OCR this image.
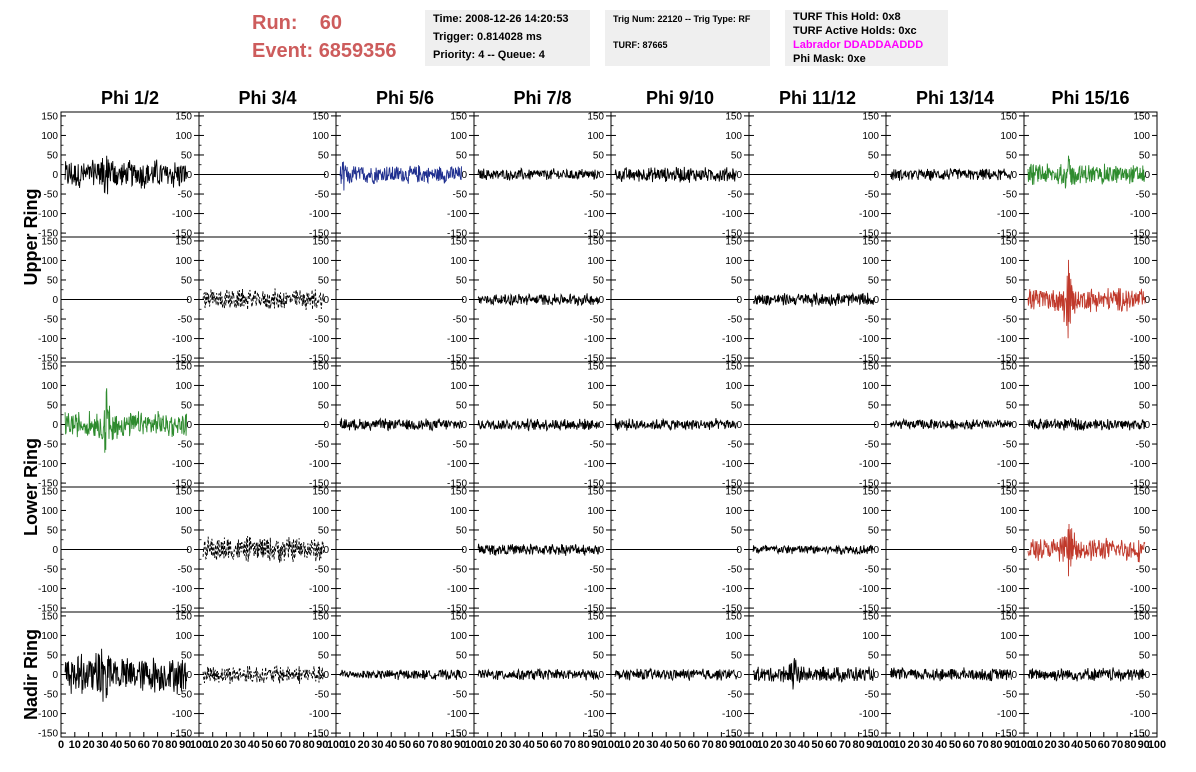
Run: 60
Event: 6859356
Time: 2008-12-26 14:20:53
Trigger: 0.814028 ms
Priority: 4 -- Queue: 4
Trig Num: 22120 -- Trig Type: RF
TURF: 87665
TURF This Hold: 0x8
TURF Active Holds: 0xc
Labrador DDADDAADDD
Phi Mask: 0xe
Phi 1/2	Phi 3/4	Phi 5/6	Phi 7/8	Phi 9/10	Phi 11/12	Phi 13/14	Phi 15/16
Upper Ring
Lower Ring
Nadir Ring
-150
-150
-100
-100
-50
-50
0
0
50
50
100
100
150
150
-150
-100
-50
0
50
100
150
-150
-100
-50
0
50
100
150
-150
-100
-50
0
50
100
150
-150
-100
-50
0
50
100
150
-150
-100
-50
0
50
100
150
-150
-100
-50
0
50
100
150
-150
-100
-50
0
50
100
150
-150
-150
-100
-100
-50
-50
0
0
50
50
100
100
150
150
-150
-100
-50
0
50
100
150
-150
-100
-50
0
50
100
150
-150
-100
-50
0
50
100
150
-150
-100
-50
0
50
100
150
-150
-100
-50
0
50
100
150
-150
-100
-50
0
50
100
150
-150
-100
-50
0
50
100
150
-150
-150
-100
-100
-50
-50
0
0
50
50
100
100
150
150
-150
-100
-50
0
50
100
150
-150
-100
-50
0
50
100
150
-150
-100
-50
0
50
100
150
-150
-100
-50
0
50
100
150
-150
-100
-50
0
50
100
150
-150
-100
-50
0
50
100
150
-150
-100
-50
0
50
100
150
-150
-150
-100
-100
-50
-50
0
0
50
50
100
100
150
150
-150
-100
-50
0
50
100
150
-150
-100
-50
0
50
100
150
-150
-100
-50
0
50
100
150
-150
-100
-50
0
50
100
150
-150
-100
-50
0
50
100
150
-150
-100
-50
0
50
100
150
-150
-100
-50
0
50
100
150
-150
-150
-100
-100
-50
-50
0
0
50
50
100
100
150
150
-150
-100
-50
0
50
100
150
-150
-100
-50
0
50
100
150
-150
-100
-50
0
50
100
150
-150
-100
-50
0
50
100
150
-150
-100
-50
0
50
100
150
-150
-100
-50
0
50
100
150
-150
-100
-50
0
50
100
150
0 10 20 30 40 50 60 70 80 90
100
10 20 30 40 50 60 70 80 90
100
10 20 30 40 50 60 70 80 90
100
10 20 30 40 50 60 70 80 90
100
10 20 30 40 50 60 70 80 90
100
10 20 30 40 50 60 70 80 90
100
10 20 30 40 50 60 70 80 90
100
10 20 30 40 50 60 70 80 90
100
